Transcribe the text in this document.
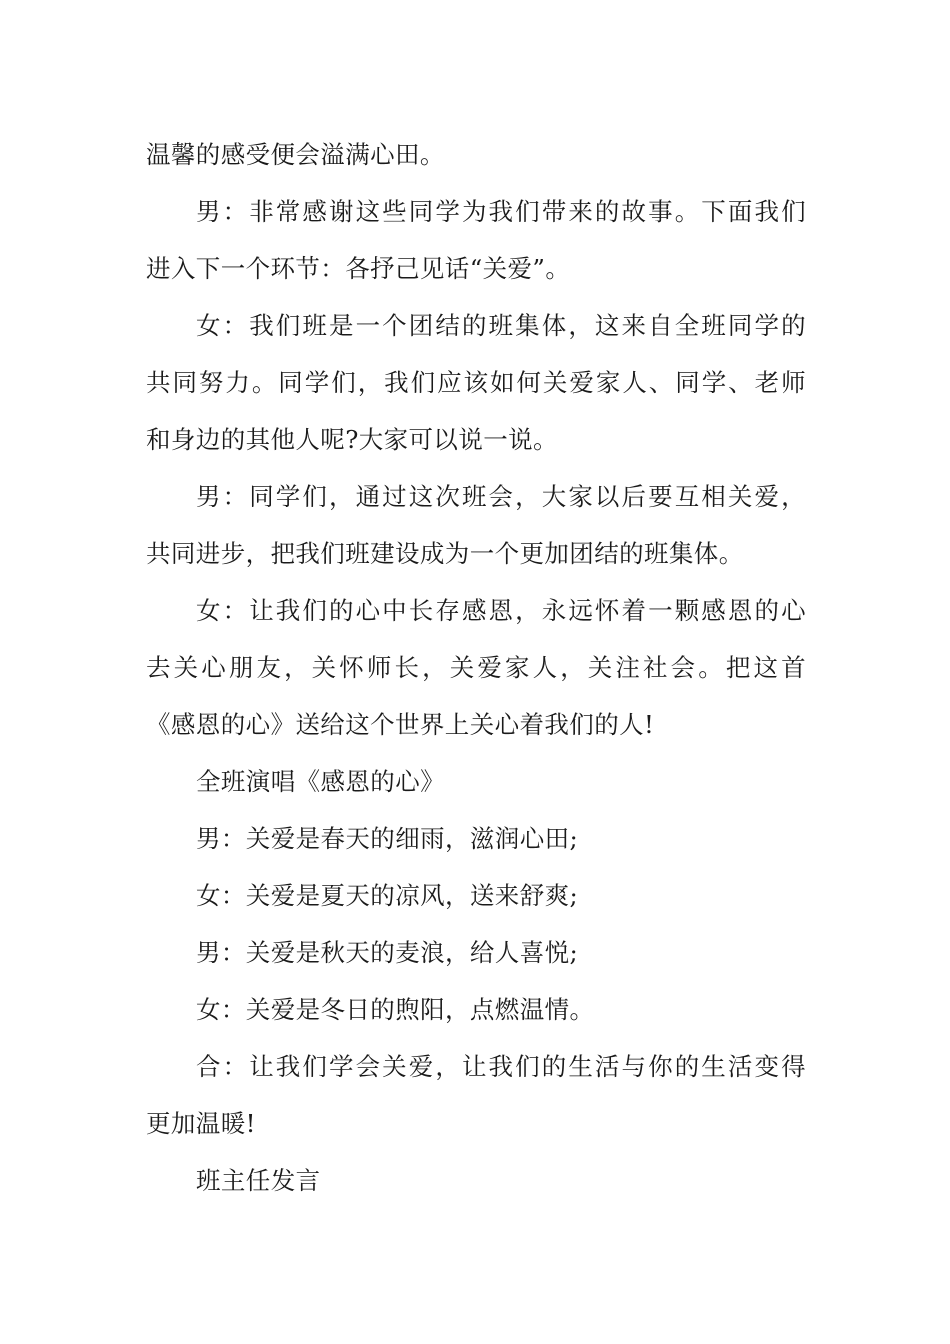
温馨的感受便会溢满心田。
男：非常感谢这些同学为我们带来的故事。下面我们
进入下一个环节：各抒己见话“关爱”。
女：我们班是一个团结的班集体，这来自全班同学的
共同努力。同学们，我们应该如何关爱家人、同学、老师
和身边的其他人呢?大家可以说一说。
男：同学们，通过这次班会，大家以后要互相关爱，
共同进步，把我们班建设成为一个更加团结的班集体。
女：让我们的心中长存感恩，永远怀着一颗感恩的心
去关心朋友，关怀师长，关爱家人，关注社会。把这首
《感恩的心》送给这个世界上关心着我们的人!
全班演唱《感恩的心》
男：关爱是春天的细雨，滋润心田;
女：关爱是夏天的凉风，送来舒爽;
男：关爱是秋天的麦浪，给人喜悦;
女：关爱是冬日的煦阳，点燃温情。
合：让我们学会关爱，让我们的生活与你的生活变得
更加温暖!
班主任发言
